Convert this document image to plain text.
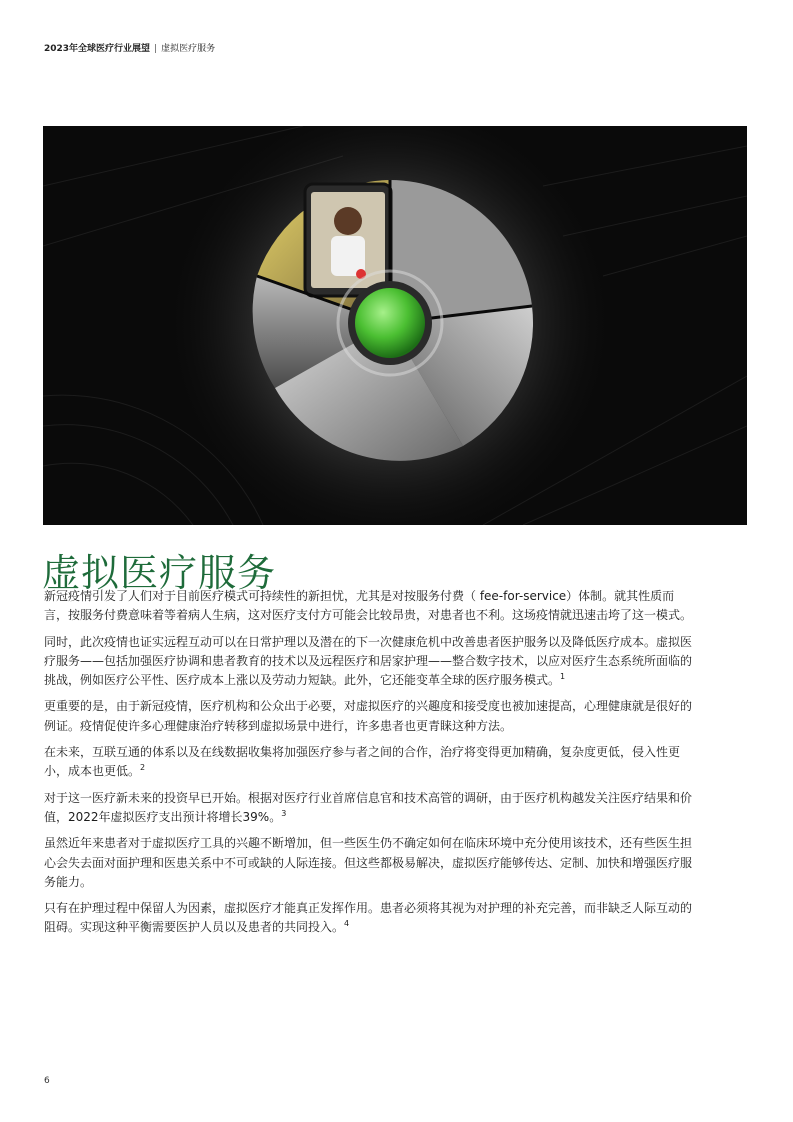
2023年全球医疗行业展望 | 虚拟医疗服务
虚拟医疗服务

新冠疫情引发了人们对于目前医疗模式可持续性的新担忧，尤其是对按服务付费（ fee-for-service）体制。就其性质而言，按服务付费意味着等着病人生病，这对医疗支付方可能会比较昂贵，对患者也不利。这场疫情就迅速击垮了这一模式。

同时，此次疫情也证实远程互动可以在日常护理以及潜在的下一次健康危机中改善患者医护服务以及降低医疗成本。虚拟医疗服务——包括加强医疗协调和患者教育的技术以及远程医疗和居家护理——整合数字技术，以应对医疗生态系统所面临的挑战，例如医疗公平性、医疗成本上涨以及劳动力短缺。此外，它还能变革全球的医疗服务模式。$^1$

更重要的是，由于新冠疫情，医疗机构和公众出于必要，对虚拟医疗的兴趣度和接受度也被加速提高，心理健康就是很好的例证。疫情促使许多心理健康治疗转移到虚拟场景中进行，许多患者也更青睐这种方法。

在未来，互联互通的体系以及在线数据收集将加强医疗参与者之间的合作，治疗将变得更加精确，复杂度更低，侵入性更小，成本也更低。$^2$

对于这一医疗新未来的投资早已开始。根据对医疗行业首席信息官和技术高管的调研，由于医疗机构越发关注医疗结果和价值，2022年虚拟医疗支出预计将增长39%。$^3$

虽然近年来患者对于虚拟医疗工具的兴趣不断增加，但一些医生仍不确定如何在临床环境中充分使用该技术，还有些医生担心会失去面对面护理和医患关系中不可或缺的人际连接。但这些都极易解决，虚拟医疗能够传达、定制、加快和增强医疗服务能力。

只有在护理过程中保留人为因素，虚拟医疗才能真正发挥作用。患者必须将其视为对护理的补充完善，而非缺乏人际互动的阻碍。实现这种平衡需要医护人员以及患者的共同投入。$^4$

6
